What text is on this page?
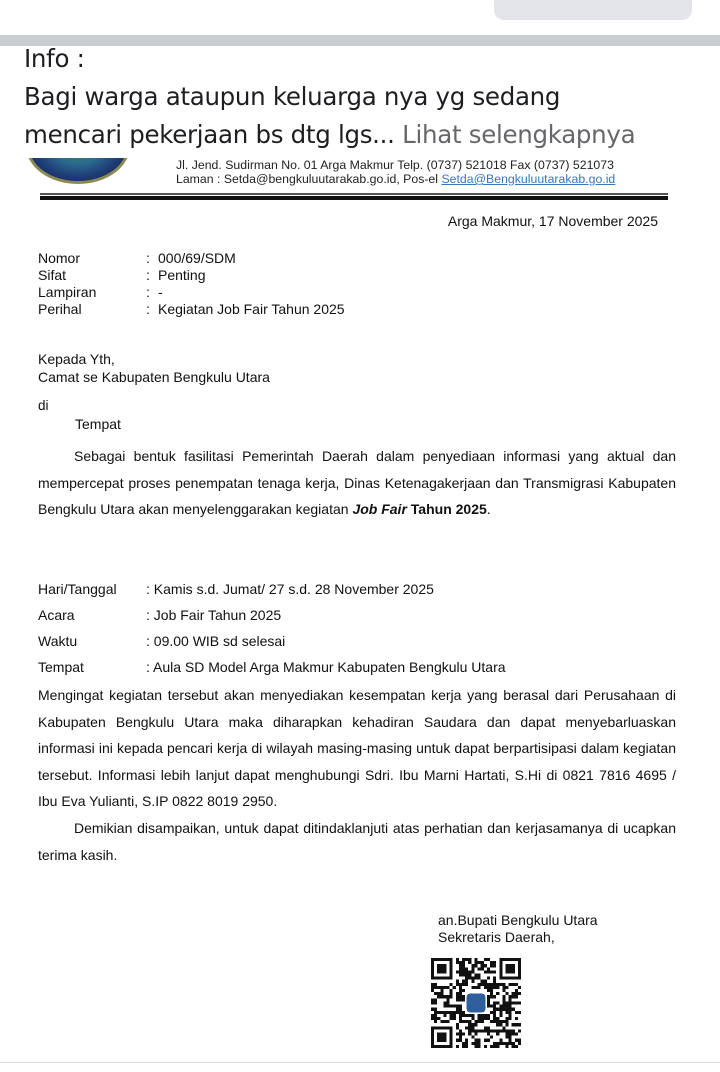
Info :
Bagi warga ataupun keluarga nya yg sedang
mencari pekerjaan bs dtg lgs... Lihat selengkapnya
Jl. Jend. Sudirman No. 01 Arga Makmur Telp. (0737) 521018 Fax (0737) 521073
Laman : Setda@bengkuluutarakab.go.id, Pos-el Setda@Bengkuluutarakab.go.id
Arga Makmur, 17 November 2025
Nomor	: 000/69/SDM
Sifat	: Penting
Lampiran	: -
Perihal	: Kegiatan Job Fair Tahun 2025
Kepada Yth,
Camat se Kabupaten Bengkulu Utara
di
Tempat
Sebagai bentuk fasilitasi Pemerintah Daerah dalam penyediaan informasi yang aktual dan mempercepat proses penempatan tenaga kerja, Dinas Ketenagakerjaan dan Transmigrasi Kabupaten Bengkulu Utara akan menyelenggarakan kegiatan Job Fair Tahun 2025.
Hari/Tanggal	: Kamis s.d. Jumat/ 27 s.d. 28 November 2025
Acara	: Job Fair Tahun 2025
Waktu	: 09.00 WIB sd selesai
Tempat	: Aula SD Model Arga Makmur Kabupaten Bengkulu Utara
Mengingat kegiatan tersebut akan menyediakan kesempatan kerja yang berasal dari Perusahaan di Kabupaten Bengkulu Utara maka diharapkan kehadiran Saudara dan dapat menyebarluaskan informasi ini kepada pencari kerja di wilayah masing-masing untuk dapat berpartisipasi dalam kegiatan tersebut. Informasi lebih lanjut dapat menghubungi Sdri. Ibu Marni Hartati, S.Hi di 0821 7816 4695 / Ibu Eva Yulianti, S.IP 0822 8019 2950.
Demikian disampaikan, untuk dapat ditindaklanjuti atas perhatian dan kerjasamanya di ucapkan terima kasih.
an.Bupati Bengkulu Utara
Sekretaris Daerah,
